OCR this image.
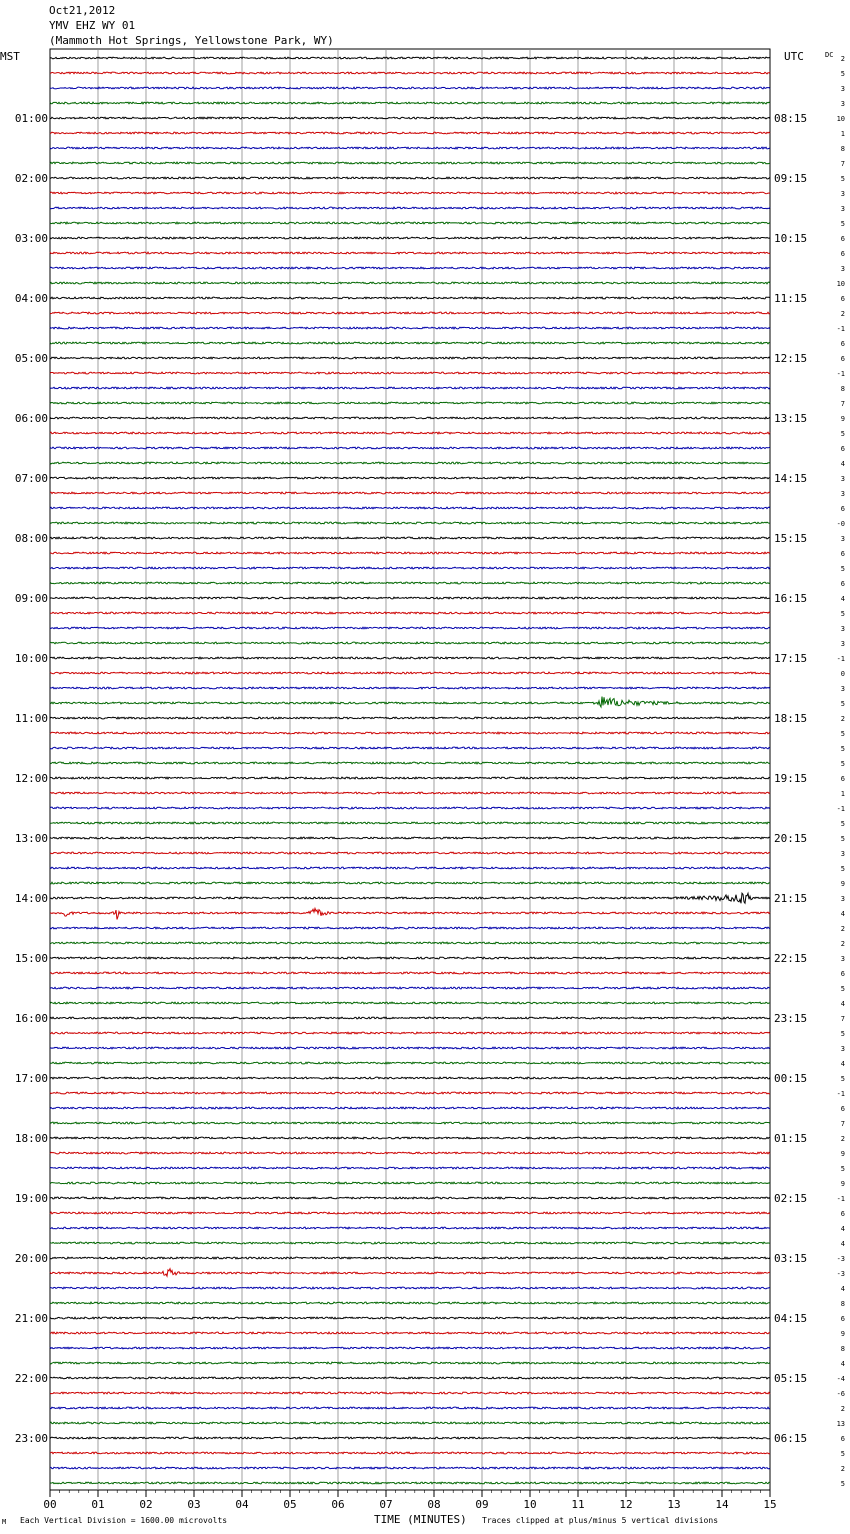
Oct21,2012
YMV EHZ WY 01
(Mammoth Hot Springs, Yellowstone Park, WY)
MST	UTC	DC
M Each Vertical Division = 1600.00 microvolts	TIME (MINUTES) Traces clipped at plus/minus 5 vertical divisions
00	01	02	03	04	05	06	07	08	09	10	11	12	13	14	15
2
5
3
3
10
01:00	08:15
1
8
7
5
02:00	09:15
3
3
5
6
03:00	10:15
6
3
10
6
04:00	11:15
2
-1
6
6
05:00	12:15
-1
8
7
9
06:00	13:15
5
6
4
3
07:00	14:15
3
6
-0
3
08:00	15:15
6
5
6
4
09:00	16:15
5
3
3
-1
10:00	17:15
0
3
5
2
11:00	18:15
5
5
5
6
12:00	19:15
1
-1
5
5
13:00	20:15
3
5
9
3
14:00	21:15
4
2
2
3
15:00	22:15
6
5
4
7
16:00	23:15
5
3
4
5
17:00	00:15
-1
6
7
2
18:00	01:15
9
5
9
-1
19:00	02:15
6
4
4
-3
20:00	03:15
-3
4
8
6
21:00	04:15
9
8
4
-4
22:00	05:15
-6
2
13
6
23:00	06:15
5
2
5
